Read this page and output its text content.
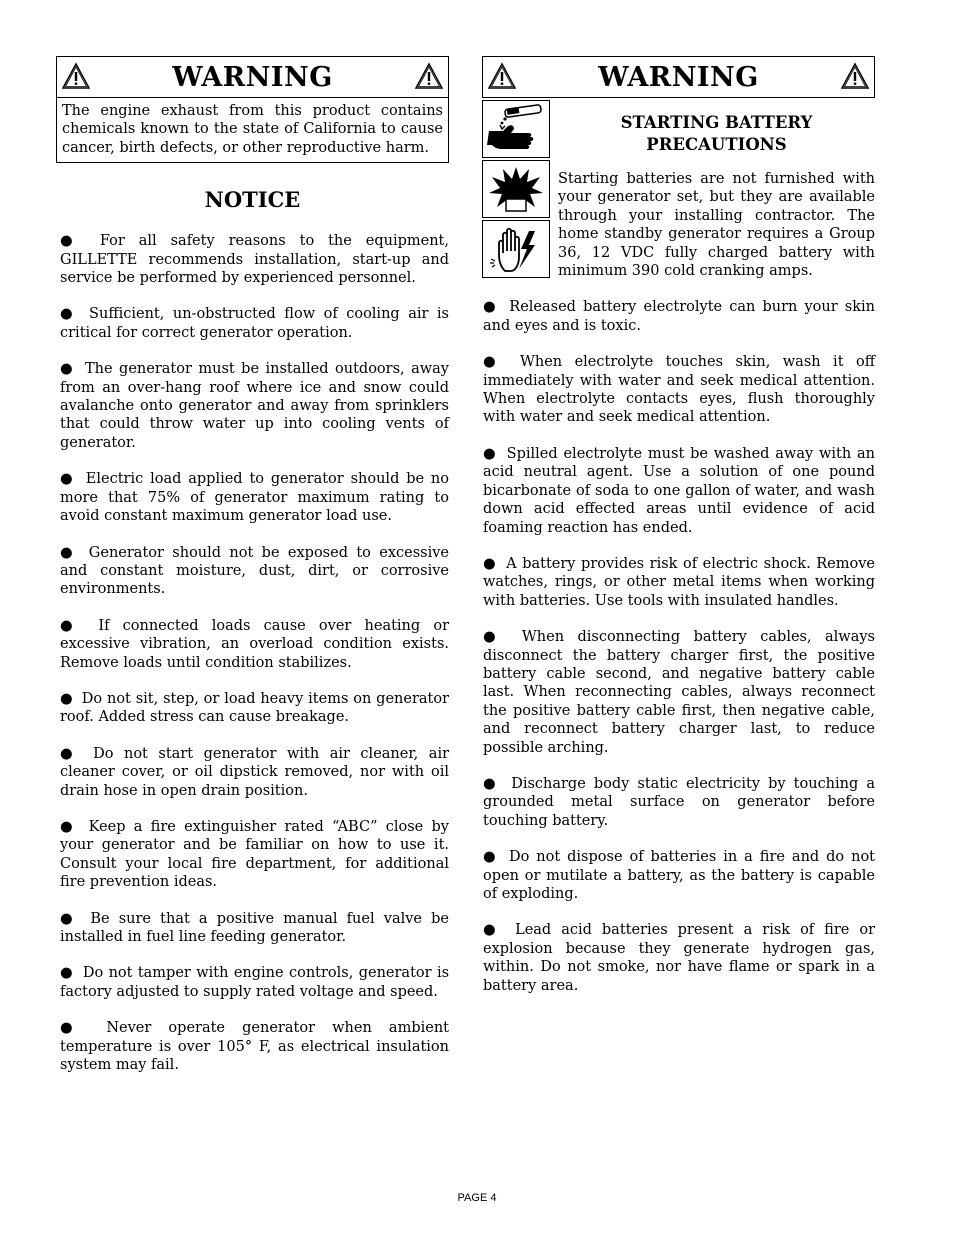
WARNING
The engine exhaust from this product contains chemicals known to the state of California to cause cancer, birth defects, or other reproductive harm.
NOTICE

● For all safety reasons to the equipment, GILLETTE recommends installation, start-up and service be performed by experienced personnel.

● Sufficient, un-obstructed flow of cooling air is critical for correct generator operation.

● The generator must be installed outdoors, away from an over-hang roof where ice and snow could avalanche onto generator and away from sprinklers that could throw water up into cooling vents of generator.

● Electric load applied to generator should be no more that 75% of generator maximum rating to avoid constant maximum generator load use.

● Generator should not be exposed to excessive and constant moisture, dust, dirt, or corrosive environments.

● If connected loads cause over heating or excessive vibration, an overload condition exists. Remove loads until condition stabilizes.

● Do not sit, step, or load heavy items on generator roof. Added stress can cause breakage.

● Do not start generator with air cleaner, air cleaner cover, or oil dipstick removed, nor with oil drain hose in open drain position.

● Keep a fire extinguisher rated “ABC” close by your generator and be familiar on how to use it. Consult your local fire department, for additional fire prevention ideas.

● Be sure that a positive manual fuel valve be installed in fuel line feeding generator.

● Do not tamper with engine controls, generator is factory adjusted to supply rated voltage and speed.

● Never operate generator when ambient temperature is over 105° F, as electrical insulation system may fail.

WARNING
STARTING BATTERY
PRECAUTIONS
Starting batteries are not furnished with your generator set, but they are available through your installing contractor. The home standby generator requires a Group 36, 12 VDC fully charged battery with minimum 390 cold cranking amps.

● Released battery electrolyte can burn your skin and eyes and is toxic.

● When electrolyte touches skin, wash it off immediately with water and seek medical attention. When electrolyte contacts eyes, flush thoroughly with water and seek medical attention.

● Spilled electrolyte must be washed away with an acid neutral agent. Use a solution of one pound bicarbonate of soda to one gallon of water, and wash down acid effected areas until evidence of acid foaming reaction has ended.

● A battery provides risk of electric shock. Remove watches, rings, or other metal items when working with batteries. Use tools with insulated handles.

● When disconnecting battery cables, always disconnect the battery charger first, the positive battery cable second, and negative battery cable last. When reconnecting cables, always reconnect the positive battery cable first, then negative cable, and reconnect battery charger last, to reduce possible arching.

● Discharge body static electricity by touching a grounded metal surface on generator before touching battery.

● Do not dispose of batteries in a fire and do not open or mutilate a battery, as the battery is capable of exploding.

● Lead acid batteries present a risk of fire or explosion because they generate hydrogen gas, within. Do not smoke, nor have flame or spark in a battery area.

PAGE 4
